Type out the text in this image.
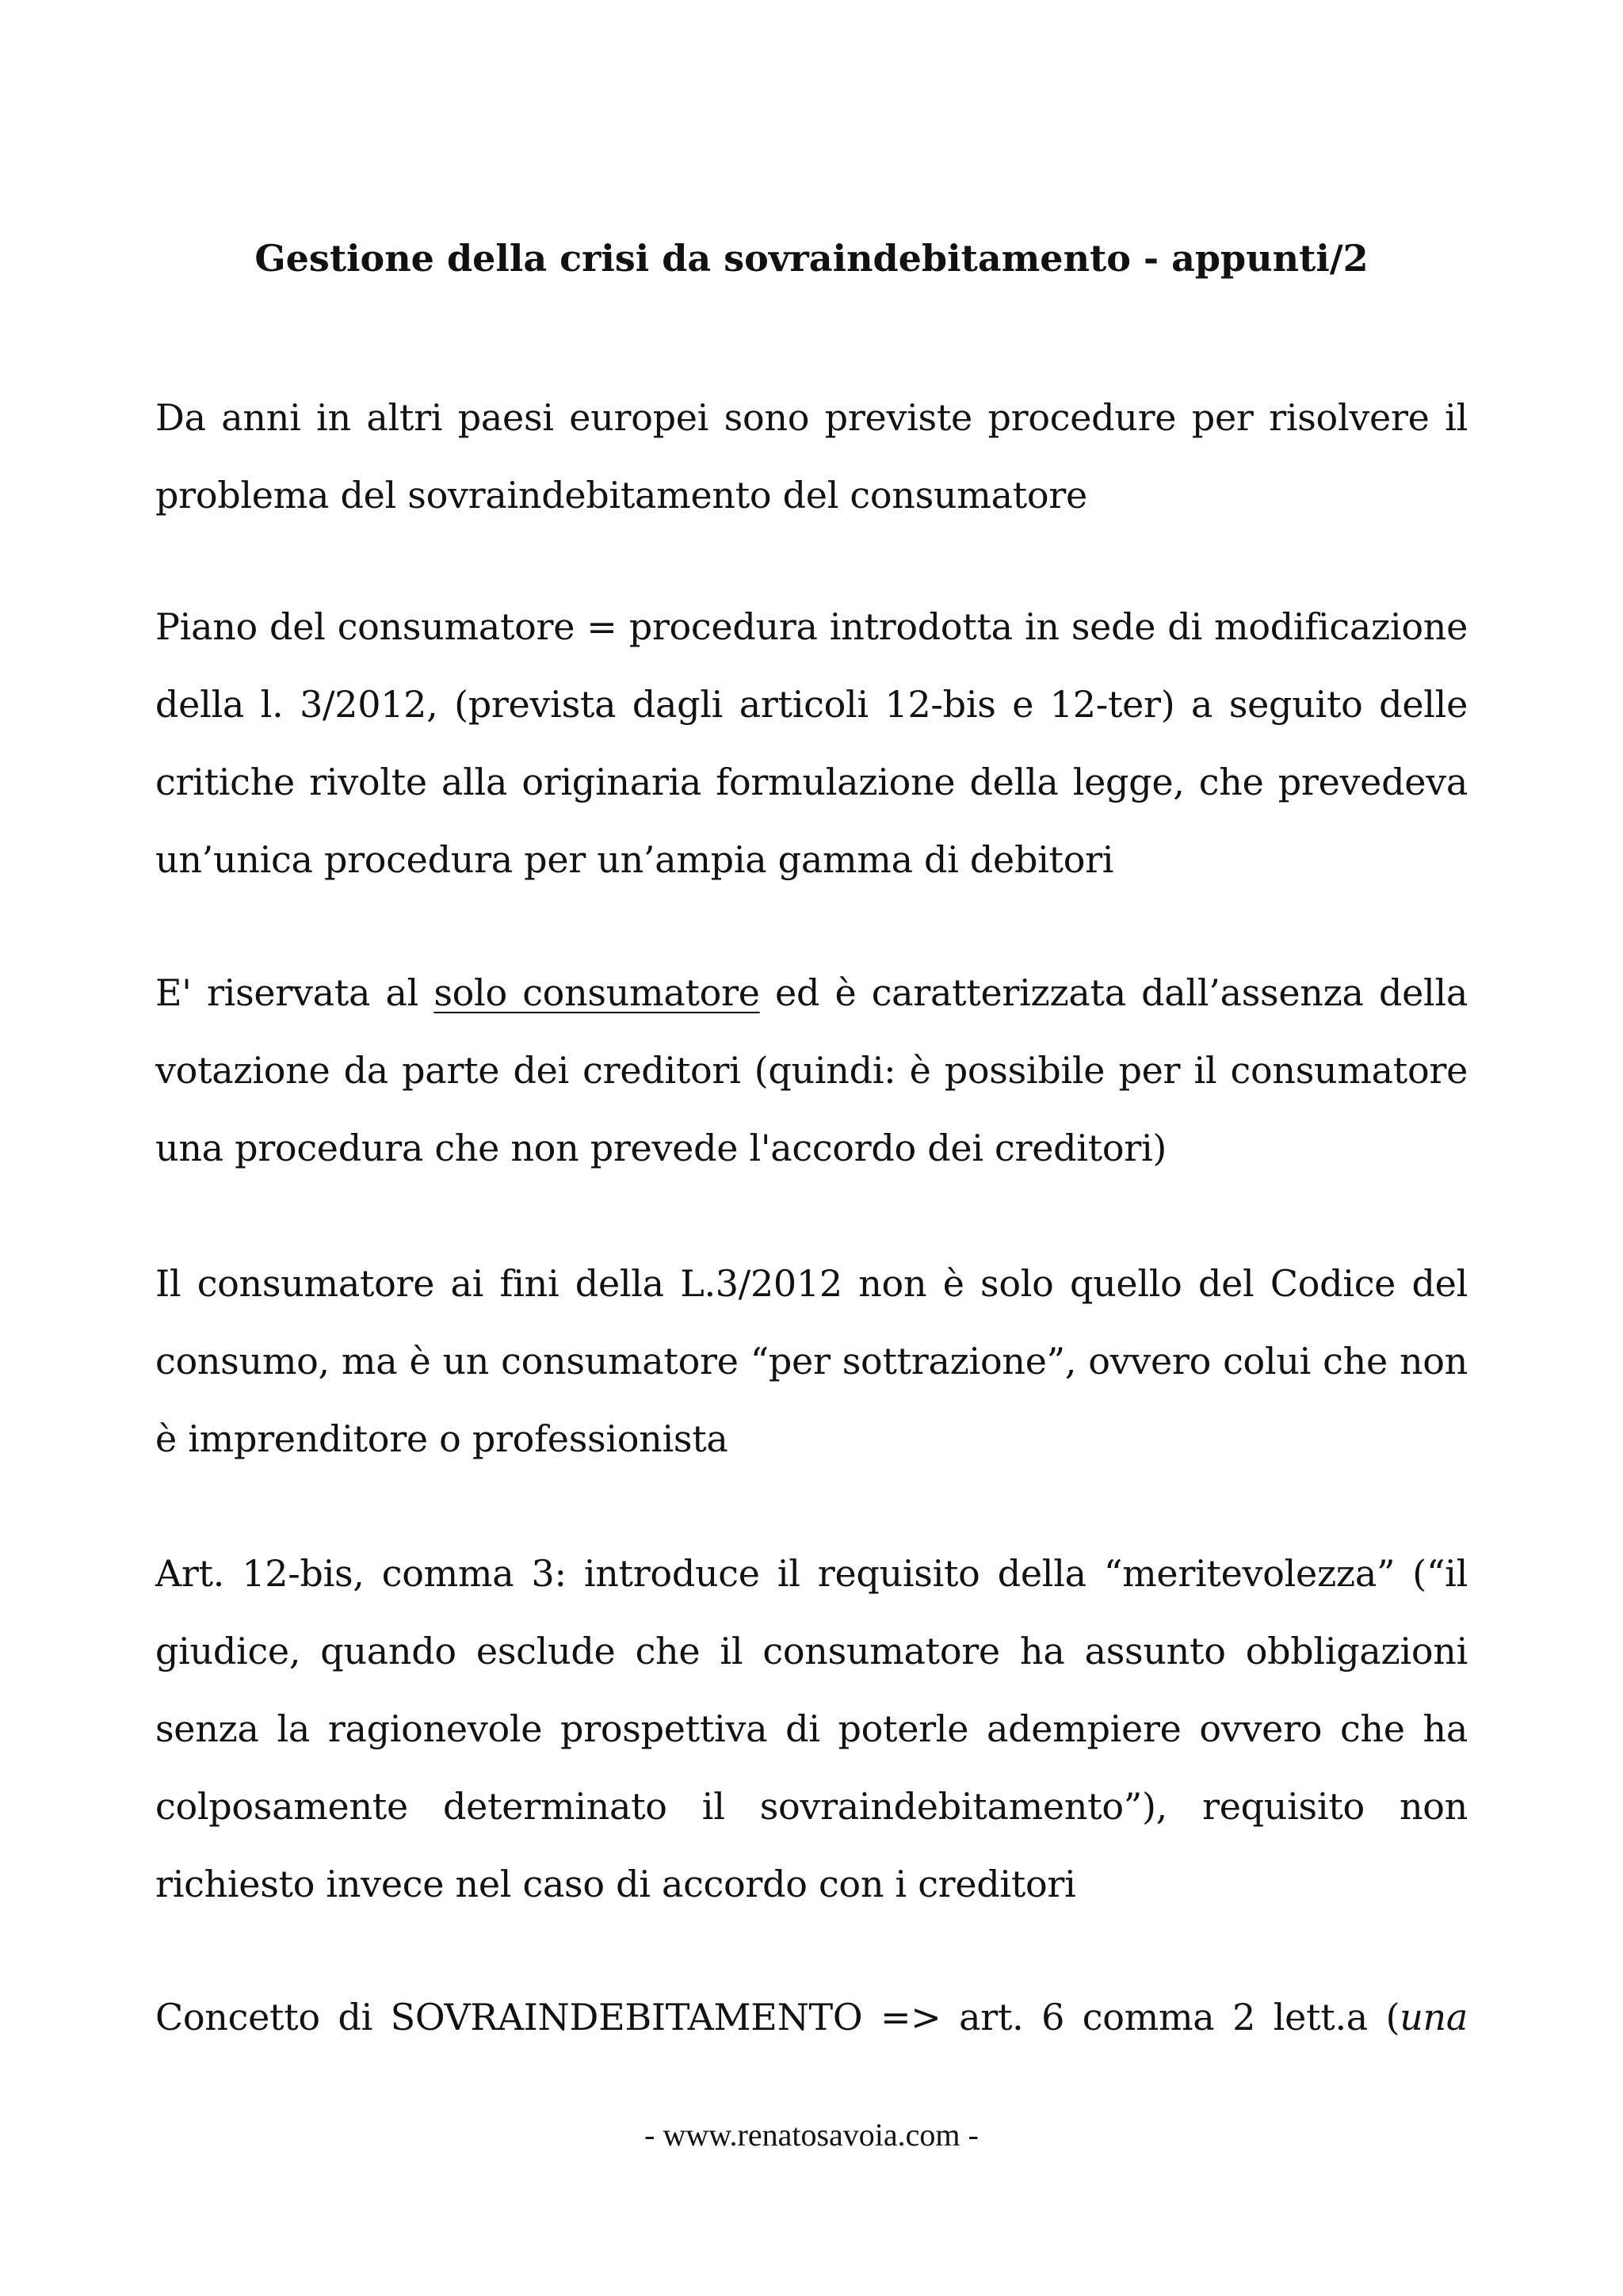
Gestione della crisi da sovraindebitamento - appunti/2

Da anni in altri paesi europei sono previste procedure per risolvere il problema del sovraindebitamento del consumatore

Piano del consumatore = procedura introdotta in sede di modificazione della l. 3/2012, (prevista dagli articoli 12-bis e 12-ter) a seguito delle critiche rivolte alla originaria formulazione della legge, che prevedeva un’unica procedura per un’ampia gamma di debitori

E' riservata al solo consumatore ed è caratterizzata dall’assenza della votazione da parte dei creditori (quindi: è possibile per il consumatore una procedura che non prevede l'accordo dei creditori)

Il consumatore ai fini della L.3/2012 non è solo quello del Codice del consumo, ma è un consumatore “per sottrazione”, ovvero colui che non è imprenditore o professionista

Art. 12-bis, comma 3: introduce il requisito della “meritevolezza” (“il giudice, quando esclude che il consumatore ha assunto obbligazioni senza la ragionevole prospettiva di poterle adempiere ovvero che ha colposamente determinato il sovraindebitamento”), requisito non richiesto invece nel caso di accordo con i creditori

Concetto di SOVRAINDEBITAMENTO => art. 6 comma 2 lett.a (una

- www.renatosavoia.com -
